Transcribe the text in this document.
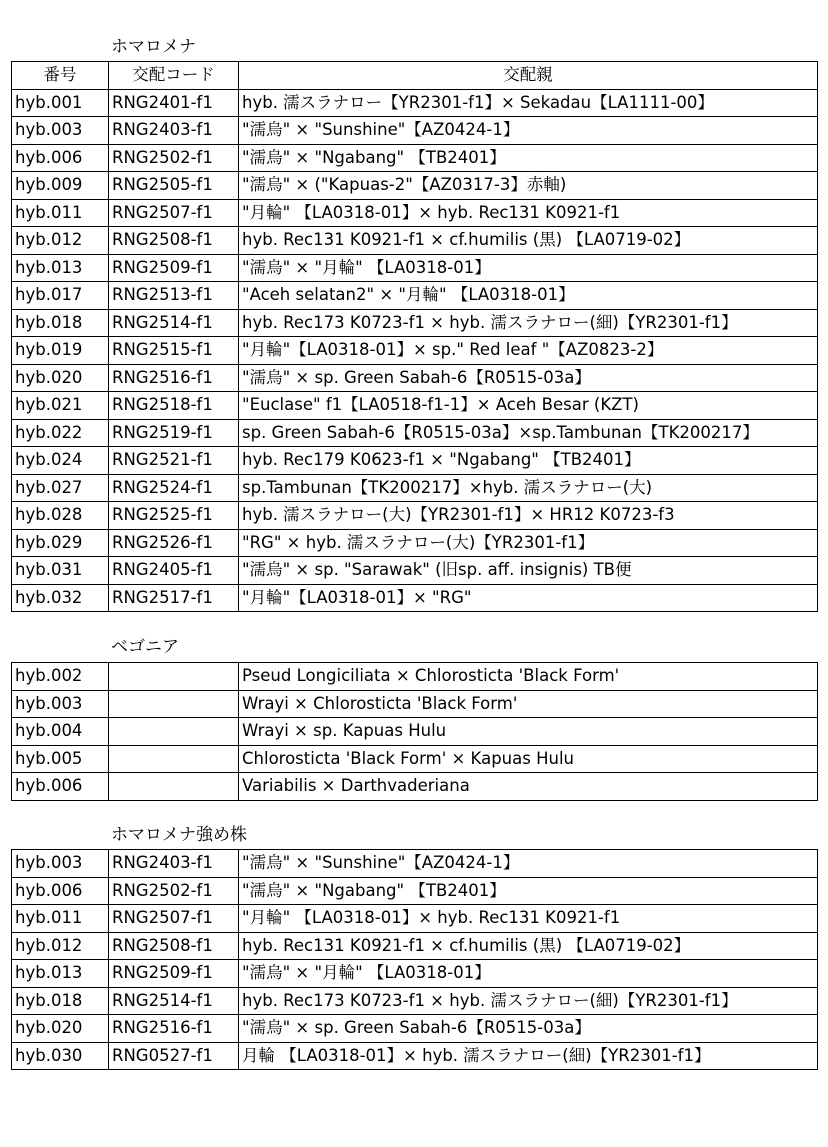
ホマロメナ
番号	交配コード	交配親
hyb.001	RNG2401-f1	hyb. 濡スラナロー【YR2301-f1】× Sekadau【LA1111-00】
hyb.003	RNG2403-f1	"濡烏" × "Sunshine"【AZ0424-1】
hyb.006	RNG2502-f1	"濡烏" × "Ngabang" 【TB2401】
hyb.009	RNG2505-f1	"濡烏" × ("Kapuas-2"【AZ0317-3】赤軸)
hyb.011	RNG2507-f1	"月輪" 【LA0318-01】× hyb. Rec131 K0921-f1
hyb.012	RNG2508-f1	hyb. Rec131 K0921-f1 × cf.humilis (黒) 【LA0719-02】
hyb.013	RNG2509-f1	"濡烏" × "月輪" 【LA0318-01】
hyb.017	RNG2513-f1	"Aceh selatan2" × "月輪" 【LA0318-01】
hyb.018	RNG2514-f1	hyb. Rec173 K0723-f1 × hyb. 濡スラナロー(細)【YR2301-f1】
hyb.019	RNG2515-f1	"月輪"【LA0318-01】× sp." Red leaf "【AZ0823-2】
hyb.020	RNG2516-f1	"濡烏" × sp. Green Sabah-6【R0515-03a】
hyb.021	RNG2518-f1	"Euclase" f1【LA0518-f1-1】× Aceh Besar (KZT)
hyb.022	RNG2519-f1	sp. Green Sabah-6【R0515-03a】×sp.Tambunan【TK200217】
hyb.024	RNG2521-f1	hyb. Rec179 K0623-f1 × "Ngabang" 【TB2401】
hyb.027	RNG2524-f1	sp.Tambunan【TK200217】×hyb. 濡スラナロー(大)
hyb.028	RNG2525-f1	hyb. 濡スラナロー(大)【YR2301-f1】× HR12 K0723-f3
hyb.029	RNG2526-f1	"RG" × hyb. 濡スラナロー(大)【YR2301-f1】
hyb.031	RNG2405-f1	"濡烏" × sp. "Sarawak" (旧sp. aff. insignis) TB便
hyb.032	RNG2517-f1	"月輪"【LA0318-01】× "RG"
ベゴニア
hyb.002		Pseud Longiciliata × Chlorosticta 'Black Form'
hyb.003		Wrayi × Chlorosticta 'Black Form'
hyb.004		Wrayi × sp. Kapuas Hulu
hyb.005		Chlorosticta 'Black Form' × Kapuas Hulu
hyb.006		Variabilis × Darthvaderiana
ホマロメナ強め株
hyb.003	RNG2403-f1	"濡烏" × "Sunshine"【AZ0424-1】
hyb.006	RNG2502-f1	"濡烏" × "Ngabang" 【TB2401】
hyb.011	RNG2507-f1	"月輪" 【LA0318-01】× hyb. Rec131 K0921-f1
hyb.012	RNG2508-f1	hyb. Rec131 K0921-f1 × cf.humilis (黒) 【LA0719-02】
hyb.013	RNG2509-f1	"濡烏" × "月輪" 【LA0318-01】
hyb.018	RNG2514-f1	hyb. Rec173 K0723-f1 × hyb. 濡スラナロー(細)【YR2301-f1】
hyb.020	RNG2516-f1	"濡烏" × sp. Green Sabah-6【R0515-03a】
hyb.030	RNG0527-f1	月輪 【LA0318-01】× hyb. 濡スラナロー(細)【YR2301-f1】
